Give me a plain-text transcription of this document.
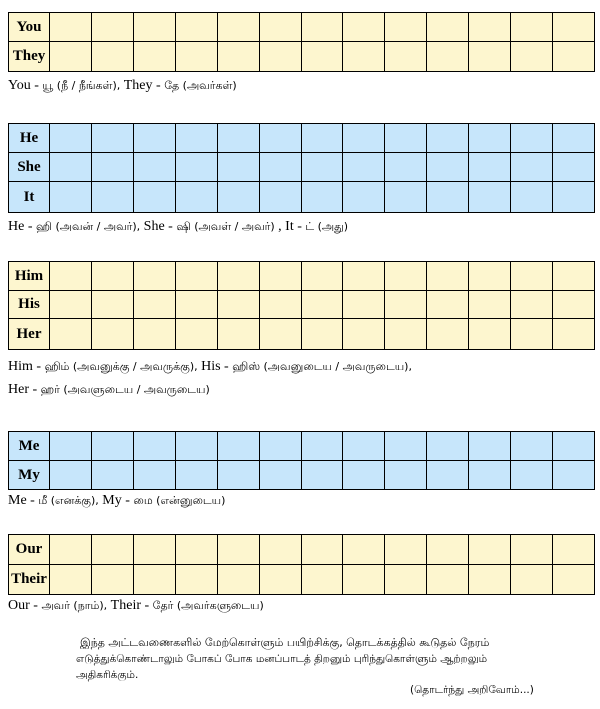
You													
They													
You - யூ (நீ / நீங்கள்), They - தே (அவர்கள்)
He													
She													
It													
He - ஹி (அவன் / அவர்), She - ஷி (அவள் / அவர்) , It - ட் (அது)
Him													
His													
Her													
Him - ஹிம் (அவனுக்கு / அவருக்கு), His - ஹிஸ் (அவனுடைய / அவருடைய),
Her - ஹர் (அவளுடைய / அவருடைய)
Me													
My													
Me - மீ (எனக்கு), My - மை (என்னுடைய)
Our													
Their													
Our - அவர் (நாம்), Their - தேர் (அவர்களுடைய)
இந்த அட்டவணைகளில் மேற்கொள்ளும் பயிற்சிக்கு, தொடக்கத்தில் கூடுதல் நேரம்
எடுத்துக்கொண்டாலும் போகப் போக மனப்பாடத் திறனும் புரிந்துகொள்ளும் ஆற்றலும்
அதிகரிக்கும்.
(தொடர்ந்து அறிவோம்...)
